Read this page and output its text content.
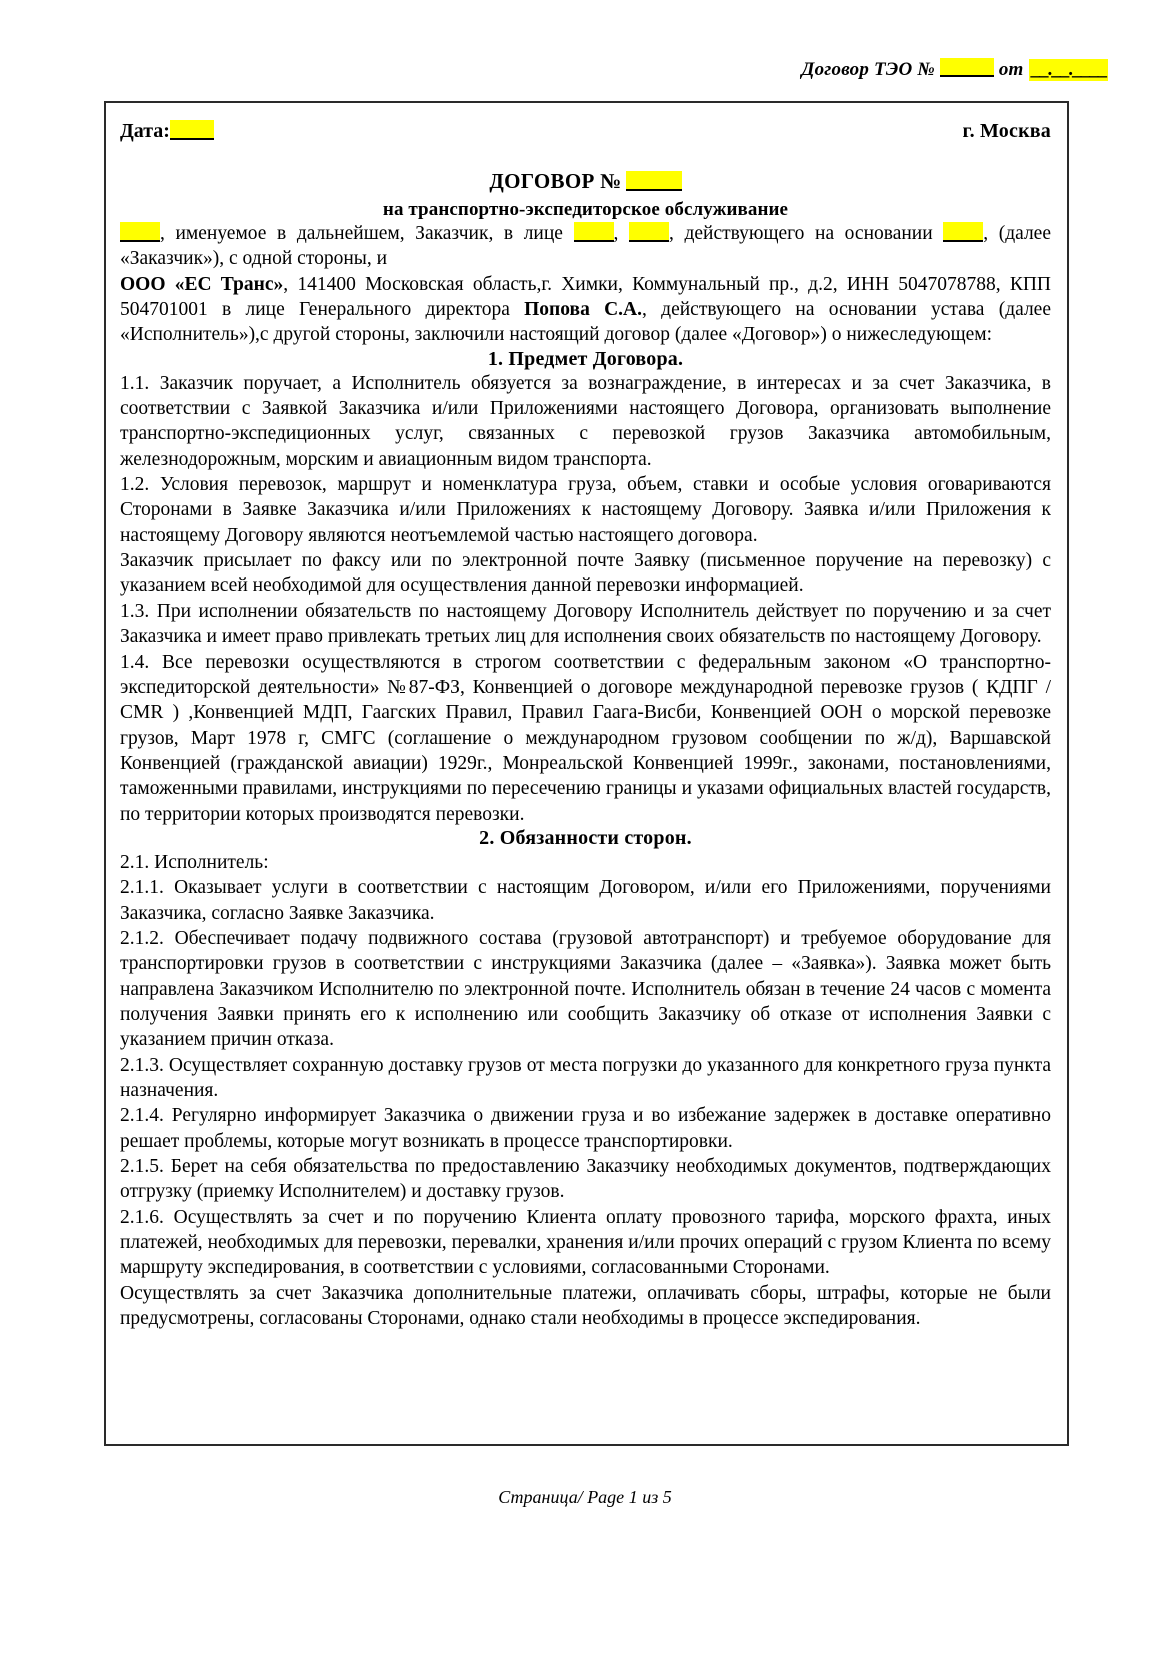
Договор ТЭО №	от __.__.____
Дата:	г. Москва
ДОГОВОР №
на транспортно-экспедиторское обслуживание

, именуемое в дальнейшем, Заказчик, в лице , , действующего на основании , (далее «Заказчик»), с одной стороны, и

ООО «ЕС Транс», 141400 Московская область,г. Химки, Коммунальный пр., д.2, ИНН 5047078788, КПП 504701001 в лице Генерального директора Попова С.А., действующего на основании устава (далее «Исполнитель»),с другой стороны, заключили настоящий договор (далее «Договор») о нижеследующем:

1. Предмет Договора.

1.1. Заказчик поручает, а Исполнитель обязуется за вознаграждение, в интересах и за счет Заказчика, в соответствии с Заявкой Заказчика и/или Приложениями настоящего Договора, организовать выполнение транспортно-экспедиционных услуг, связанных с перевозкой грузов Заказчика автомобильным, железнодорожным, морским и авиационным видом транспорта.

1.2. Условия перевозок, маршрут и номенклатура груза, объем, ставки и особые условия оговариваются Сторонами в Заявке Заказчика и/или Приложениях к настоящему Договору. Заявка и/или Приложения к настоящему Договору являются неотъемлемой частью настоящего договора.

Заказчик присылает по факсу или по электронной почте Заявку (письменное поручение на перевозку) с указанием всей необходимой для осуществления данной перевозки информацией.

1.3. При исполнении обязательств по настоящему Договору Исполнитель действует по поручению и за счет Заказчика и имеет право привлекать третьих лиц для исполнения своих обязательств по настоящему Договору.

1.4. Все перевозки осуществляются в строгом соответствии с федеральным законом «О транспортно-экспедиторской деятельности» №87-ФЗ, Конвенцией о договоре международной перевозке грузов ( КДПГ / CMR ) ,Конвенцией МДП, Гаагских Правил, Правил Гаага-Висби, Конвенцией ООН о морской перевозке грузов, Март 1978 г, СМГС (соглашение о международном грузовом сообщении по ж/д), Варшавской Конвенцией (гражданской авиации) 1929г., Монреальской Конвенцией 1999г., законами, постановлениями, таможенными правилами, инструкциями по пересечению границы и указами официальных властей государств, по территории которых производятся перевозки.

2. Обязанности сторон.

2.1. Исполнитель:

2.1.1. Оказывает услуги в соответствии с настоящим Договором, и/или его Приложениями, поручениями Заказчика, согласно Заявке Заказчика.

2.1.2. Обеспечивает подачу подвижного состава (грузовой автотранспорт) и требуемое оборудование для транспортировки грузов в соответствии с инструкциями Заказчика (далее – «Заявка»). Заявка может быть направлена Заказчиком Исполнителю по электронной почте. Исполнитель обязан в течение 24 часов с момента получения Заявки принять его к исполнению или сообщить Заказчику об отказе от исполнения Заявки с указанием причин отказа.

2.1.3. Осуществляет сохранную доставку грузов от места погрузки до указанного для конкретного груза пункта назначения.

2.1.4. Регулярно информирует Заказчика о движении груза и во избежание задержек в доставке оперативно решает проблемы, которые могут возникать в процессе транспортировки.

2.1.5. Берет на себя обязательства по предоставлению Заказчику необходимых документов, подтверждающих отгрузку (приемку Исполнителем) и доставку грузов.

2.1.6. Осуществлять за счет и по поручению Клиента оплату провозного тарифа, морского фрахта, иных платежей, необходимых для перевозки, перевалки, хранения и/или прочих операций с грузом Клиента по всему маршруту экспедирования, в соответствии с условиями, согласованными Сторонами.

Осуществлять за счет Заказчика дополнительные платежи, оплачивать сборы, штрафы, которые не были предусмотрены, согласованы Сторонами, однако стали необходимы в процессе экспедирования.

Страница/ Page 1 из 5
